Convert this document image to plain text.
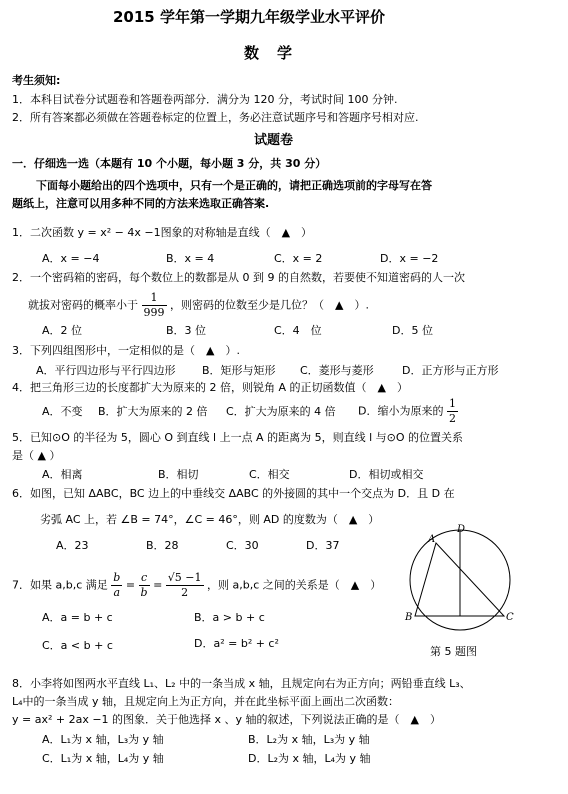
2015 学年第一学期九年级学业水平评价
数学
考生须知:
1．本科目试卷分试题卷和答题卷两部分．满分为 120 分，考试时间 100 分钟.
2．所有答案都必须做在答题卷标定的位置上，务必注意试题序号和答题序号相对应.
试题卷
一．仔细选一选（本题有 10 个小题，每小题 3 分，共 30 分）
下面每小题给出的四个选项中，只有一个是正确的，请把正确选项前的字母写在答
题纸上，注意可以用多种不同的方法来选取正确答案.
1．二次函数 y = x² − 4x −1图象的对称轴是直线（　▲　）
A．x = −4	B．x = 4	C．x = 2	D．x = −2
2．一个密码箱的密码，每个数位上的数都是从 0 到 9 的自然数，若要使不知道密码的人一次
就拔对密码的概率小于 $\frac{1}{999}$ ，则密码的位数至少是几位？（　▲　）.
A．2 位	B．3 位	C．4　位	D．5 位
3．下列四组图形中，一定相似的是（　▲　）.
A．平行四边形与平行四边形 B．矩形与矩形 C．菱形与菱形	D．正方形与正方形
4．把三角形三边的长度都扩大为原来的 2 倍，则锐角 A 的正切函数值（　▲　）
A．不变 B．扩大为原来的 2 倍 C．扩大为原来的 4 倍 D．缩小为原来的 $\frac{1}{2}$
5．已知⊙O 的半径为 5，圆心 O 到直线 l 上一点 A 的距离为 5，则直线 l 与⊙O 的位置关系
是（ ▲ ）
A．相离	B．相切	C．相交	D．相切或相交
6．如图，已知 ΔABC，BC 边上的中垂线交 ΔABC 的外接圆的其中一个交点为 D．且 D 在
劣弧 AC 上，若 ∠B = 74°，∠C = 46°，则 AD 的度数为（　▲　）
A．23	B．28	C．30	D．37
7．如果 a,b,c 满足 $\frac{b}{a} = \frac{c}{b} = \frac{√5 -1}{2}$ ，则 a,b,c 之间的关系是（　▲　）
A．a = b + c	B．a > b + c
C．a < b + c	D．a² = b² + c²
A
D
B	C
第 5 题图
8．小李将如图两水平直线 L₁、L₂ 中的一条当成 x 轴，且规定向右为正方向；两铅垂直线 L₃、
L₄中的一条当成 y 轴，且规定向上为正方向，并在此坐标平面上画出二次函数：
y = ax² + 2ax −1 的图象．关于他选择 x 、y 轴的叙述，下列说法正确的是（　▲　）
A．L₁为 x 轴，L₃为 y 轴	B．L₂为 x 轴，L₃为 y 轴
C．L₁为 x 轴，L₄为 y 轴	D．L₂为 x 轴，L₄为 y 轴
